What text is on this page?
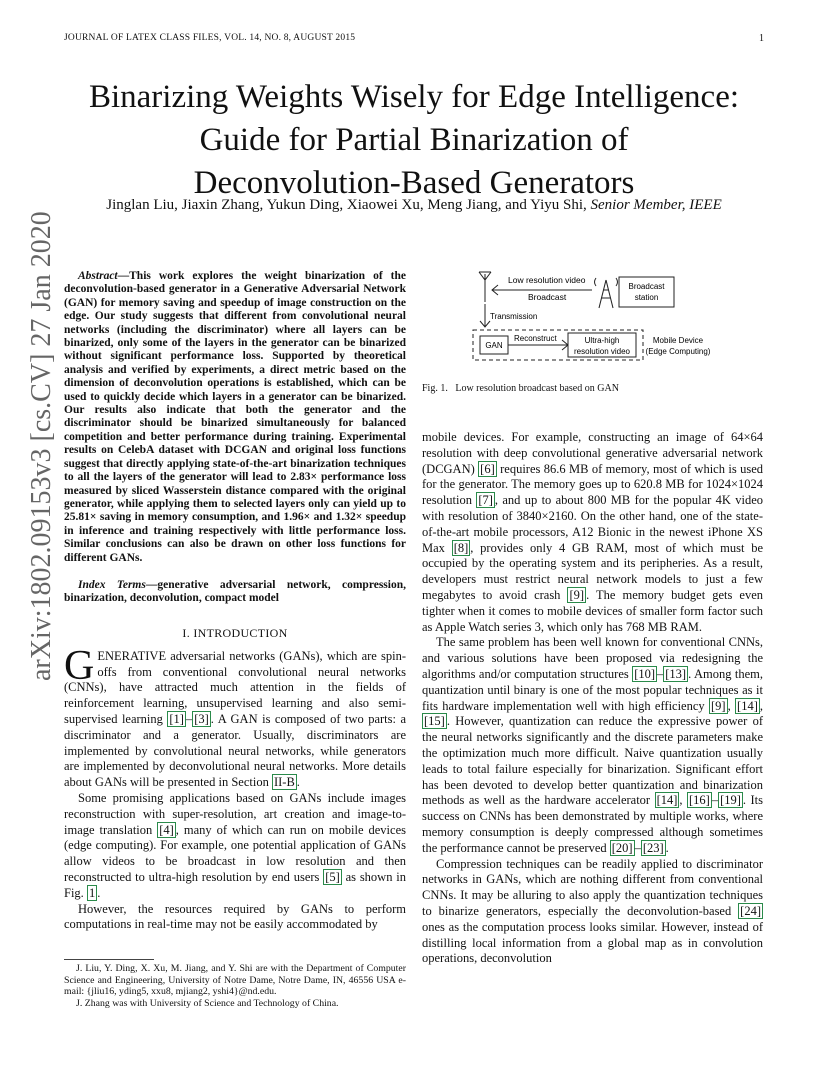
JOURNAL OF LATEX CLASS FILES, VOL. 14, NO. 8, AUGUST 2015	1
Binarizing Weights Wisely for Edge Intelligence:
Guide for Partial Binarization of
Deconvolution-Based Generators
Jinglan Liu, Jiaxin Zhang, Yukun Ding, Xiaowei Xu, Meng Jiang, and Yiyu Shi, Senior Member, IEEE
arXiv:1802.09153v3 [cs.CV] 27 Jan 2020	Abstract—This work explores the weight binarization of the deconvolution-based generator in a Generative Adversarial Network (GAN) for memory saving and speedup of image construction on the edge. Our study suggests that different from convolutional neural networks (including the discriminator) where all layers can be binarized, only some of the layers in the generator can be binarized without significant performance loss. Supported by theoretical analysis and verified by experiments, a direct metric based on the dimension of deconvolution operations is established, which can be used to quickly decide which layers in a generator can be binarized. Our results also indicate that both the generator and the discriminator should be binarized simultaneously for balanced competition and better performance during training. Experimental results on CelebA dataset with DCGAN and original loss functions suggest that directly applying state-of-the-art binarization techniques to all the layers of the generator will lead to 2.83× performance loss measured by sliced Wasserstein distance compared with the original generator, while applying them to selected layers only can yield up to 25.81× saving in memory consumption, and 1.96× and 1.32× speedup in inference and training respectively with little performance loss. Similar conclusions can also be drawn on other loss functions for different GANs.

Index Terms—generative adversarial network, compression, binarization, deconvolution, compact model

I. INTRODUCTION

GENERATIVE adversarial networks (GANs), which are spin-offs from conventional convolutional neural networks (CNNs), have attracted much attention in the fields of reinforcement learning, unsupervised learning and also semi-supervised learning [1] – [3] . A GAN is composed of two parts: a discriminator and a generator. Usually, discriminators are implemented by convolutional neural networks, while generators are implemented by deconvolutional neural networks. More details about GANs will be presented in Section II-B .

Some promising applications based on GANs include images reconstruction with super-resolution, art creation and image-to-image translation [4] , many of which can run on mobile devices (edge computing). For example, one potential application of GANs allow videos to be broadcast in low resolution and then reconstructed to ultra-high resolution by end users [5] as shown in Fig. 1 .

However, the resources required by GANs to perform computations in real-time may not be easily accommodated by

J. Liu, Y. Ding, X. Xu, M. Jiang, and Y. Shi are with the Department of Computer Science and Engineering, University of Notre Dame, Notre Dame, IN, 46556 USA e-mail: {jliu16, yding5, xxu8, mjiang2, yshi4}@nd.edu.

J. Zhang was with University of Science and Technology of China.

Low resolution video
Broadcast
Broadcast
station
Transmission
GAN
Reconstruct	Ultra-high
resolution video
Mobile Device
(Edge Computing)
Fig. 1.   Low resolution broadcast based on GAN

mobile devices. For example, constructing an image of 64×64 resolution with deep convolutional generative adversarial network (DCGAN) [6] requires 86.6 MB of memory, most of which is used for the generator. The memory goes up to 620.8 MB for 1024×1024 resolution [7] , and up to about 800 MB for the popular 4K video with resolution of 3840×2160. On the other hand, one of the state-of-the-art mobile processors, A12 Bionic in the newest iPhone XS Max [8] , provides only 4 GB RAM, most of which must be occupied by the operating system and its peripheries. As a result, developers must restrict neural network models to just a few megabytes to avoid crash [9] . The memory budget gets even tighter when it comes to mobile devices of smaller form factor such as Apple Watch series 3, which only has 768 MB RAM.

The same problem has been well known for conventional CNNs, and various solutions have been proposed via redesigning the algorithms and/or computation structures [10] – [13] . Among them, quantization until binary is one of the most popular techniques as it fits hardware implementation well with high efficiency [9] , [14] , [15] . However, quantization can reduce the expressive power of the neural networks significantly and the discrete parameters make the optimization much more difficult. Naive quantization usually leads to total failure especially for binarization. Significant effort has been devoted to develop better quantization and binarization methods as well as the hardware accelerator [14] , [16] – [19] . Its success on CNNs has been demonstrated by multiple works, where memory consumption is deeply compressed although sometimes the performance cannot be preserved [20] – [23] .

Compression techniques can be readily applied to discriminator networks in GANs, which are nothing different from conventional CNNs. It may be alluring to also apply the quantization techniques to binarize generators, especially the deconvolution-based [24] ones as the computation process looks similar. However, instead of distilling local information from a global map as in convolution operations, deconvolution
